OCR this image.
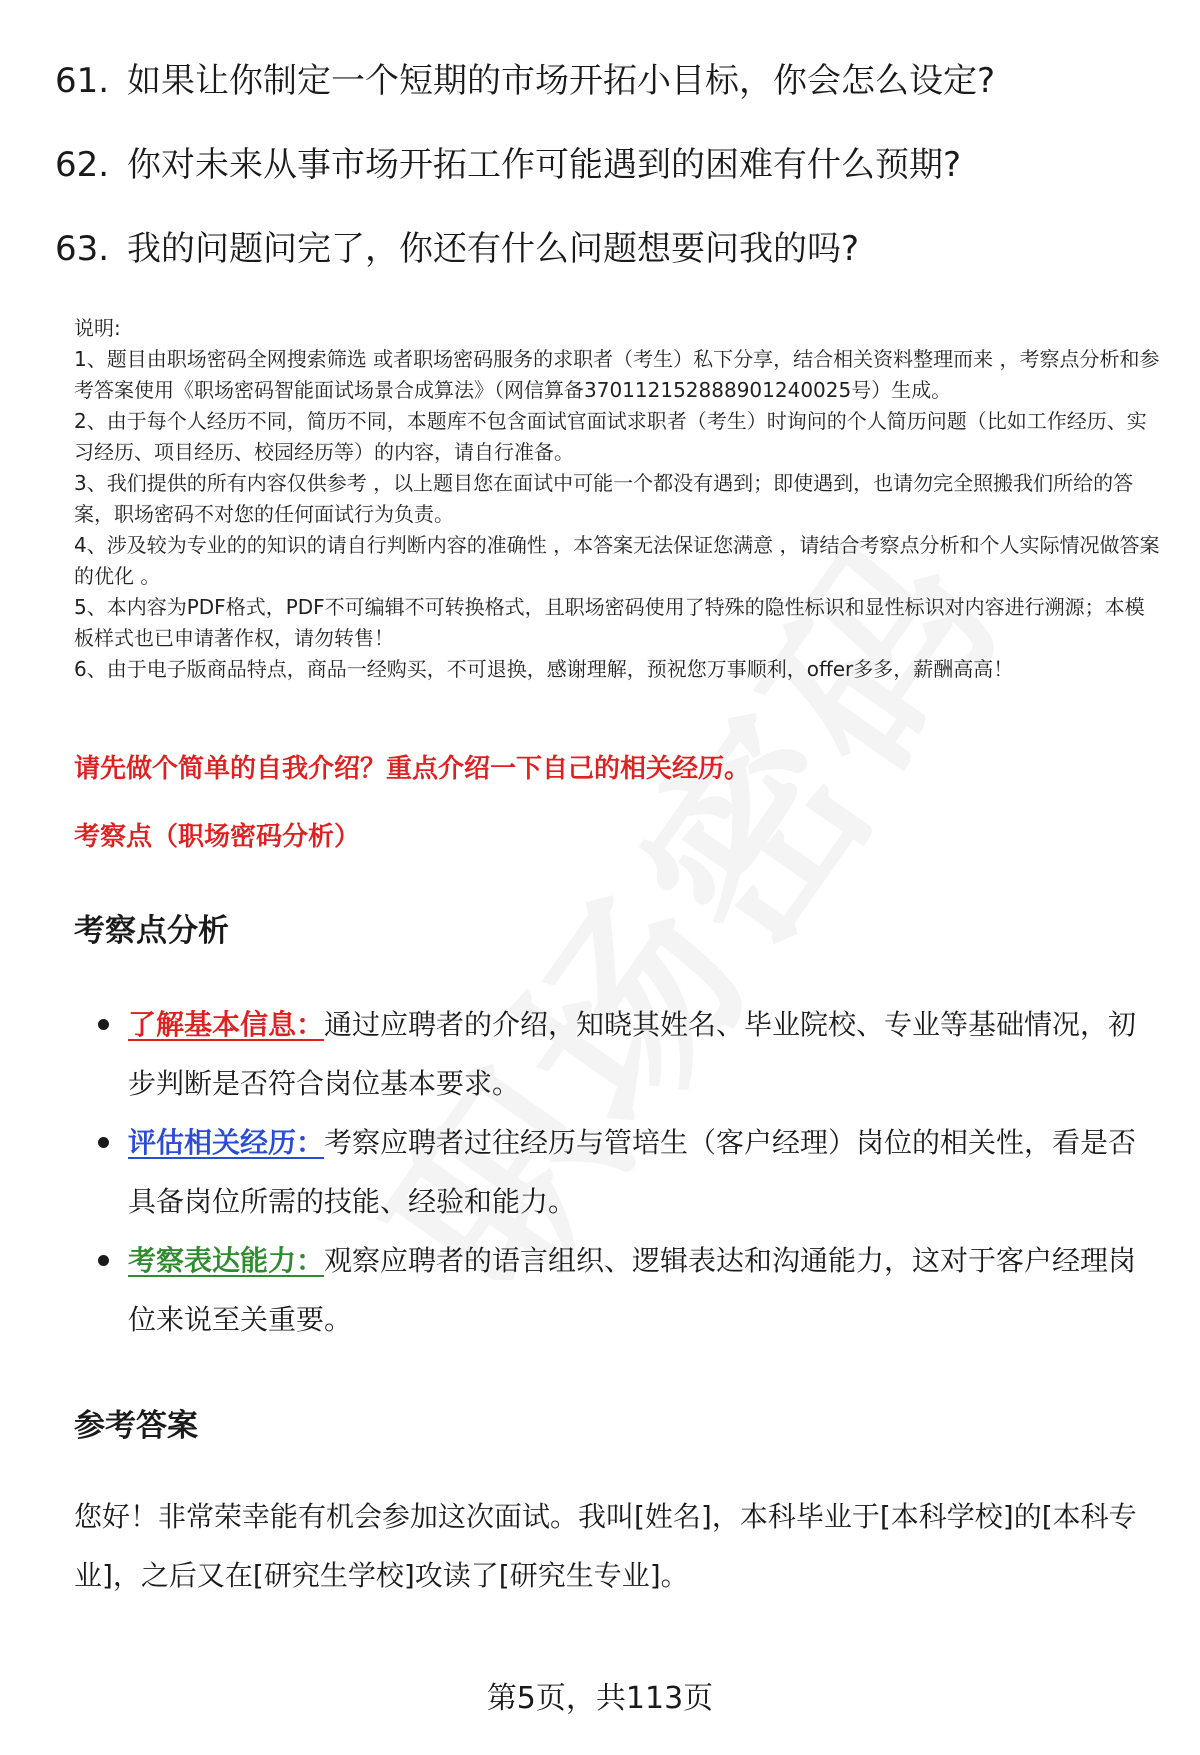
61. 如果让你制定一个短期的市场开拓小目标，你会怎么设定?
62. 你对未来从事市场开拓工作可能遇到的困难有什么预期?
63. 我的问题问完了，你还有什么问题想要问我的吗?

说明:

1、题目由职场密码全网搜索筛选 或者职场密码服务的求职者（考生）私下分享，结合相关资料整理而来 ，考察点分析和参考答案使用《职场密码智能面试场景合成算法》（网信算备370112152888901240025号）生成。

2、由于每个人经历不同，简历不同，本题库不包含面试官面试求职者（考生）时询问的个人简历问题（比如工作经历、实习经历、项目经历、校园经历等）的内容，请自行准备。

3、我们提供的所有内容仅供参考 ，以上题目您在面试中可能一个都没有遇到；即使遇到，也请勿完全照搬我们所给的答案，职场密码不对您的任何面试行为负责。

4、涉及较为专业的的知识的请自行判断内容的准确性 ，本答案无法保证您满意 ，请结合考察点分析和个人实际情况做答案的优化 。

5、本内容为PDF格式，PDF不可编辑不可转换格式，且职场密码使用了特殊的隐性标识和显性标识对内容进行溯源；本模板样式也已申请著作权，请勿转售！

6、由于电子版商品特点，商品一经购买，不可退换，感谢理解，预祝您万事顺利，offer多多，薪酬高高！

请先做个简单的自我介绍？重点介绍一下自己的相关经历。
考察点（职场密码分析）
考察点分析
了解基本信息：通过应聘者的介绍，知晓其姓名、毕业院校、专业等基础情况，初步判断是否符合岗位基本要求。
评估相关经历：考察应聘者过往经历与管培生（客户经理）岗位的相关性，看是否具备岗位所需的技能、经验和能力。
考察表达能力：观察应聘者的语言组织、逻辑表达和沟通能力，这对于客户经理岗位来说至关重要。
参考答案
您好！非常荣幸能有机会参加这次面试。我叫[姓名]，本科毕业于[本科学校]的[本科专业]，之后又在[研究生学校]攻读了[研究生专业]。
第5页，共113页
